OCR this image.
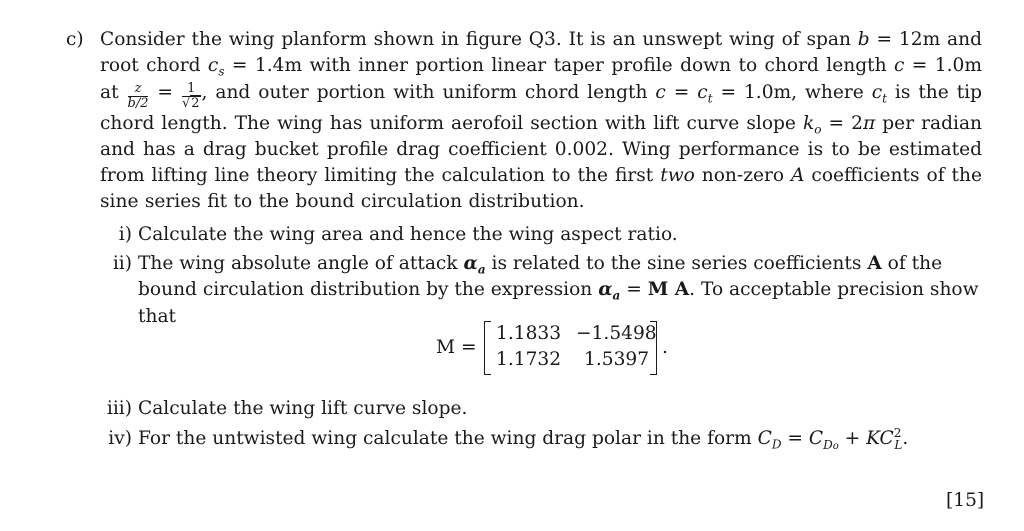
c) Consider the wing planform shown in figure Q3. It is an unswept wing of span b = 12m and root chord $c_s = 1.4m$ with inner portion linear taper profile down to chord length c = 1.0m at $\frac{z}{b/2} = \frac{1}{√2}$ , and outer portion with uniform chord length $c = c_t = 1.0m$, where $c_t$ is the tip chord length. The wing has uniform aerofoil section with lift curve slope $k_o = 2\pi$ per radian and has a drag bucket profile drag coefficient 0.002. Wing performance is to be estimated from lifting line theory limiting the calculation to the first two non-zero A coefficients of the sine series fit to the bound circulation distribution.
i) Calculate the wing area and hence the wing aspect ratio.
ii) The wing absolute angle of attack $\alpha_a$ is related to the sine series coefficients A of the bound circulation distribution by the expression $\alpha_a = M$ A. To acceptable precision show that
M =
1.1833 −1.5498
1.1732 1.5397
.
iii) Calculate the wing lift curve slope.
iv) For the untwisted wing calculate the wing drag polar in the form $C_D = C_{Do} + KC^2_L$.
[15]
